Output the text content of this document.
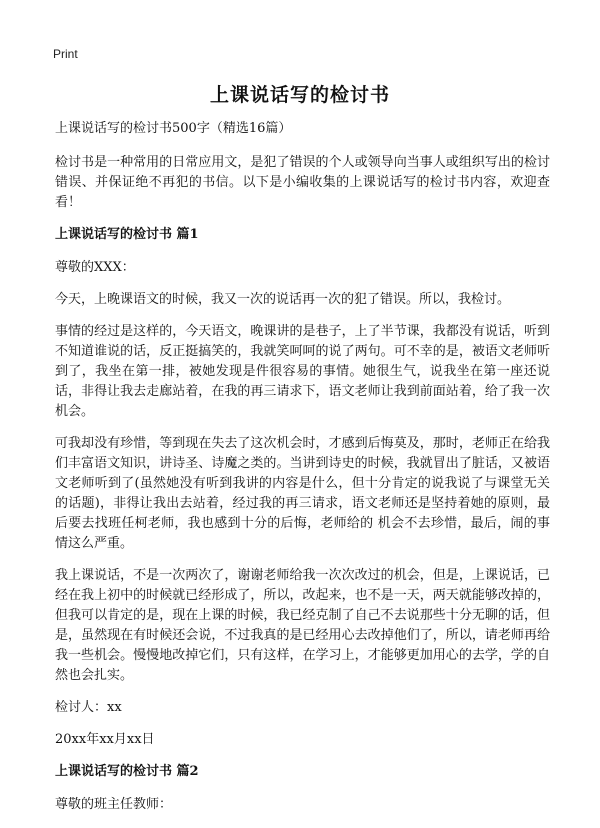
Print
上课说话写的检讨书

上课说话写的检讨书500字（精选16篇）

检讨书是一种常用的日常应用文，是犯了错误的个人或领导向当事人或组织写出的检讨错误、并保证绝不再犯的书信。以下是小编收集的上课说话写的检讨书内容，欢迎查看！

上课说话写的检讨书 篇1

尊敬的XXX：

今天，上晚课语文的时候，我又一次的说话再一次的犯了错误。所以，我检讨。

事情的经过是这样的，今天语文，晚课讲的是巷子，上了半节课，我都没有说话，听到不知道谁说的话，反正挺搞笑的，我就笑呵呵的说了两句。可不幸的是，被语文老师听到了，我坐在第一排，被她发现是件很容易的事情。她很生气，说我坐在第一座还说话，非得让我去走廊站着，在我的再三请求下，语文老师让我到前面站着，给了我一次机会。

可我却没有珍惜，等到现在失去了这次机会时，才感到后悔莫及，那时，老师正在给我们丰富语文知识，讲诗圣、诗魔之类的。当讲到诗史的时候，我就冒出了脏话，又被语文老师听到了(虽然她没有听到我讲的内容是什么，但十分肯定的说我说了与课堂无关的话题)，非得让我出去站着，经过我的再三请求，语文老师还是坚持着她的原则，最后要去找班任柯老师，我也感到十分的后悔，老师给的 机会不去珍惜，最后，闹的事情这么严重。

我上课说话，不是一次两次了，谢谢老师给我一次次改过的机会，但是，上课说话，已经在我上初中的时候就已经形成了，所以，改起来，也不是一天，两天就能够改掉的，但我可以肯定的是，现在上课的时候，我已经克制了自己不去说那些十分无聊的话，但是，虽然现在有时候还会说，不过我真的是已经用心去改掉他们了，所以，请老师再给我一些机会。慢慢地改掉它们，只有这样，在学习上，才能够更加用心的去学，学的自然也会扎实。

检讨人：xx

20xx年xx月xx日

上课说话写的检讨书 篇2

尊敬的班主任教师：
